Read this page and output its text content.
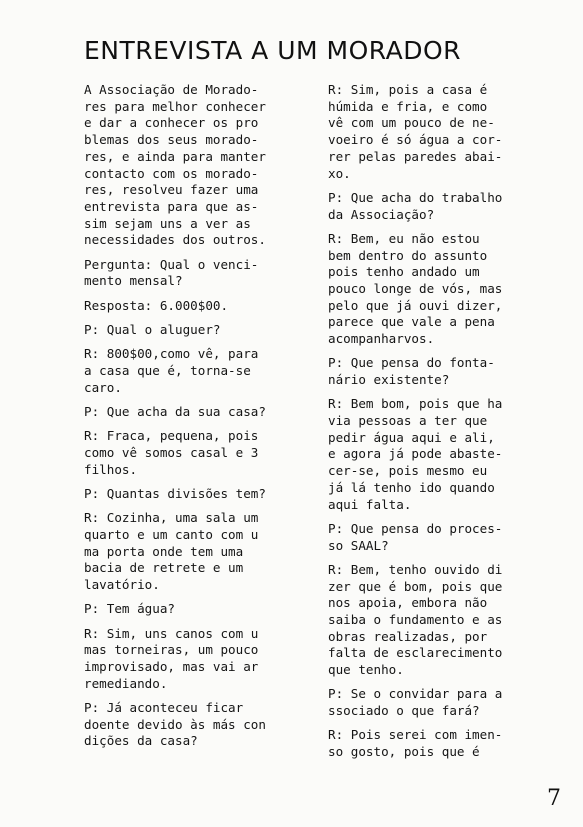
ENTREVISTA A UM MORADOR
A Associação de Morado-
res para melhor conhecer
e dar a conhecer os pro
blemas dos seus morado-
res, e ainda para manter
contacto com os morado-
res, resolveu fazer uma
entrevista para que as-
sim sejam uns a ver as
necessidades dos outros.
Pergunta: Qual o venci-
mento mensal?
Resposta: 6.000$00.
P: Qual o aluguer?
R: 800$00,como vê, para
a casa que é, torna-se
caro.
P: Que acha da sua casa?
R: Fraca, pequena, pois
como vê somos casal e 3
filhos.
P: Quantas divisões tem?
R: Cozinha, uma sala um
quarto e um canto com u
ma porta onde tem uma
bacia de retrete e um
lavatório.
P: Tem água?
R: Sim, uns canos com u
mas torneiras, um pouco
improvisado, mas vai ar
remediando.
P: Já aconteceu ficar
doente devido às más con
dições da casa?
R: Sim, pois a casa é
húmida e fria, e como
vê com um pouco de ne-
voeiro é só água a cor-
rer pelas paredes abai-
xo.
P: Que acha do trabalho
da Associação?
R: Bem, eu não estou
bem dentro do assunto
pois tenho andado um
pouco longe de vós, mas
pelo que já ouvi dizer,
parece que vale a pena
acompanharvos.
P: Que pensa do fonta-
nário existente?
R: Bem bom, pois que ha
via pessoas a ter que
pedir água aqui e ali,
e agora já pode abaste-
cer-se, pois mesmo eu
já lá tenho ido quando
aqui falta.
P: Que pensa do proces-
so SAAL?
R: Bem, tenho ouvido di
zer que é bom, pois que
nos apoia, embora não
saiba o fundamento e as
obras realizadas, por
falta de esclarecimento
que tenho.
P: Se o convidar para a
ssociado o que fará?
R: Pois serei com imen-
so gosto, pois que é
7
